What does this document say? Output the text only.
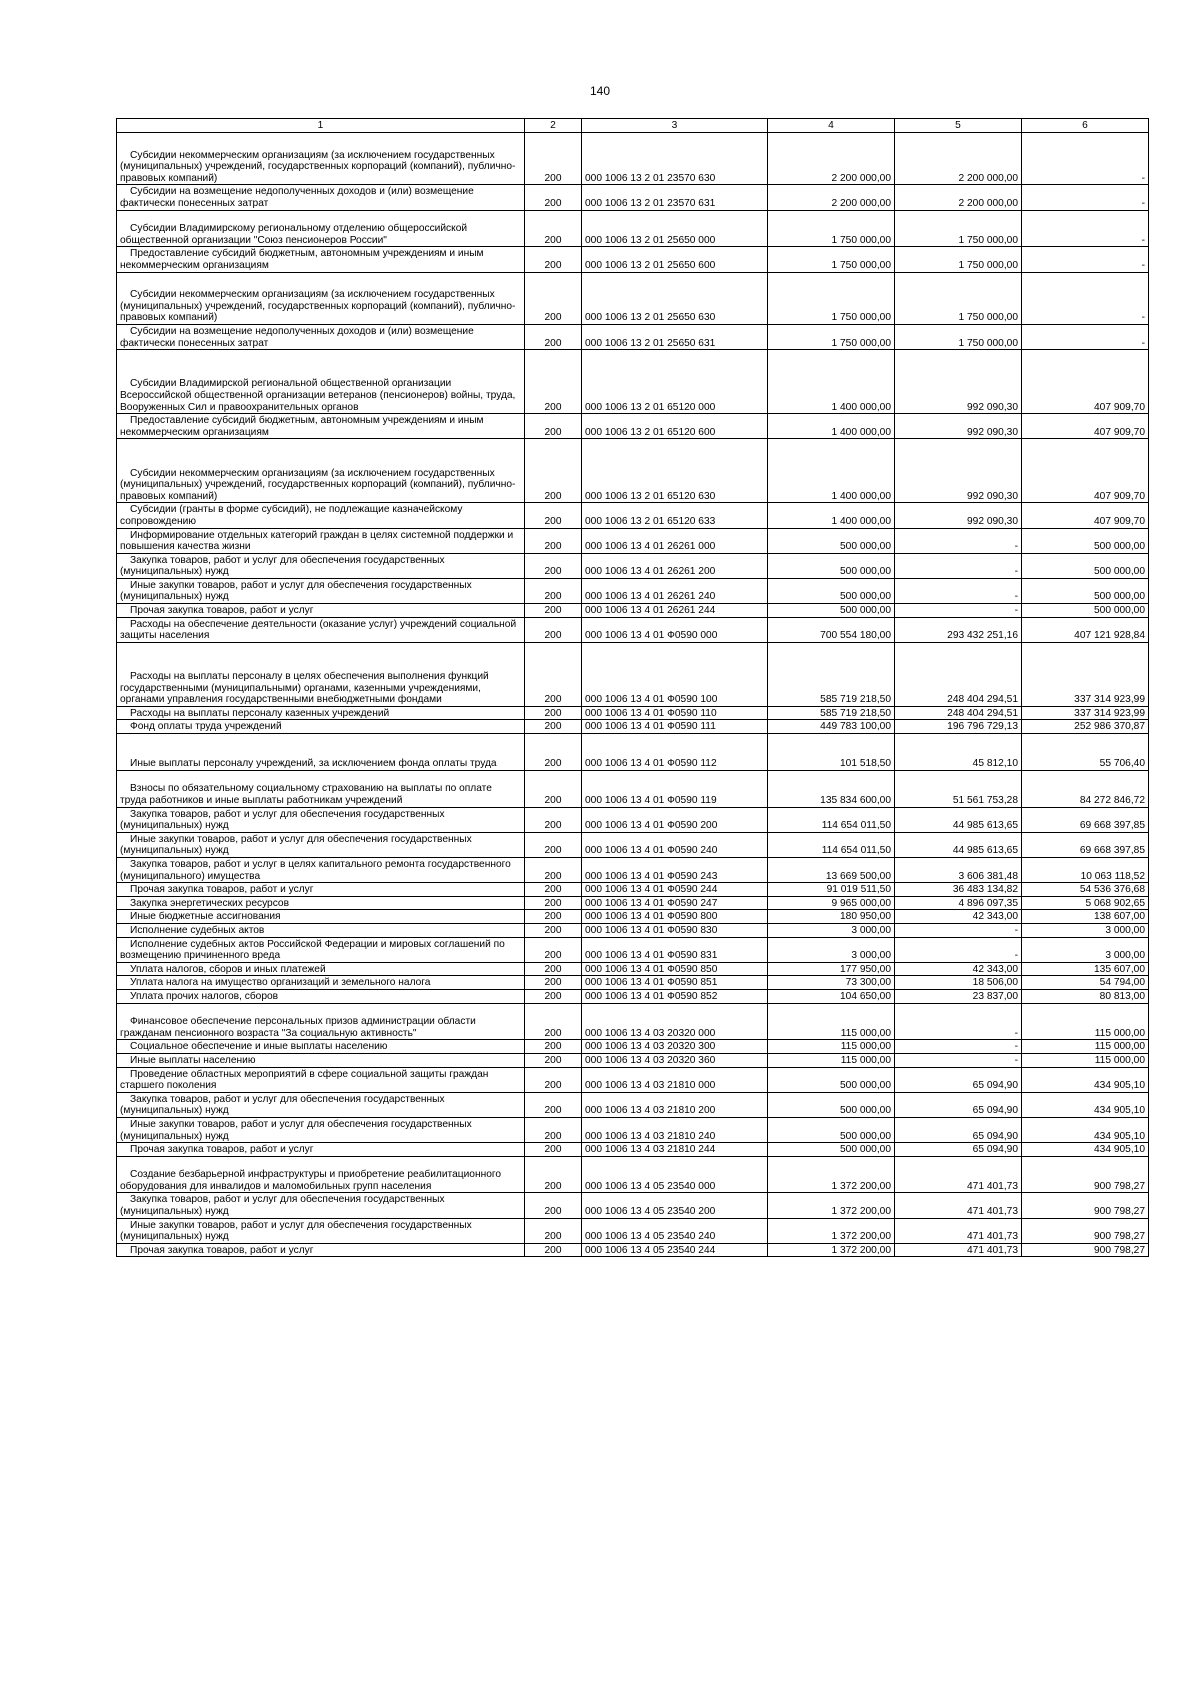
140
1	2	3	4	5	6

Субсидии некоммерческим организациям (за исключением государственных (муниципальных) учреждений, государственных корпораций (компаний), публично-правовых компаний)	200	000 1006 13 2 01 23570 630	2 200 000,00	2 200 000,00	-

Субсидии на возмещение недополученных доходов и (или) возмещение фактически понесенных затрат	200	000 1006 13 2 01 23570 631	2 200 000,00	2 200 000,00	-

Субсидии Владимирскому региональному отделению общероссийской общественной организации "Союз пенсионеров России"	200	000 1006 13 2 01 25650 000	1 750 000,00	1 750 000,00	-

Предоставление субсидий бюджетным, автономным учреждениям и иным некоммерческим организациям	200	000 1006 13 2 01 25650 600	1 750 000,00	1 750 000,00	-

Субсидии некоммерческим организациям (за исключением государственных (муниципальных) учреждений, государственных корпораций (компаний), публично-правовых компаний)	200	000 1006 13 2 01 25650 630	1 750 000,00	1 750 000,00	-

Субсидии на возмещение недополученных доходов и (или) возмещение фактически понесенных затрат	200	000 1006 13 2 01 25650 631	1 750 000,00	1 750 000,00	-

Субсидии Владимирской региональной общественной организации Всероссийской общественной организации ветеранов (пенсионеров) войны, труда, Вооруженных Сил и правоохранительных органов	200	000 1006 13 2 01 65120 000	1 400 000,00	992 090,30	407 909,70

Предоставление субсидий бюджетным, автономным учреждениям и иным некоммерческим организациям	200	000 1006 13 2 01 65120 600	1 400 000,00	992 090,30	407 909,70

Субсидии некоммерческим организациям (за исключением государственных (муниципальных) учреждений, государственных корпораций (компаний), публично-правовых компаний)	200	000 1006 13 2 01 65120 630	1 400 000,00	992 090,30	407 909,70

Субсидии (гранты в форме субсидий), не подлежащие казначейскому сопровождению	200	000 1006 13 2 01 65120 633	1 400 000,00	992 090,30	407 909,70

Информирование отдельных категорий граждан в целях системной поддержки и повышения качества жизни	200	000 1006 13 4 01 26261 000	500 000,00	-	500 000,00

Закупка товаров, работ и услуг для обеспечения государственных (муниципальных) нужд	200	000 1006 13 4 01 26261 200	500 000,00	-	500 000,00

Иные закупки товаров, работ и услуг для обеспечения государственных (муниципальных) нужд	200	000 1006 13 4 01 26261 240	500 000,00	-	500 000,00

Прочая закупка товаров, работ и услуг	200	000 1006 13 4 01 26261 244	500 000,00	-	500 000,00

Расходы на обеспечение деятельности (оказание услуг) учреждений социальной защиты населения	200	000 1006 13 4 01 Ф0590 000	700 554 180,00	293 432 251,16	407 121 928,84

Расходы на выплаты персоналу в целях обеспечения выполнения функций государственными (муниципальными) органами, казенными учреждениями, органами управления государственными внебюджетными фондами	200	000 1006 13 4 01 Ф0590 100	585 719 218,50	248 404 294,51	337 314 923,99

Расходы на выплаты персоналу казенных учреждений	200	000 1006 13 4 01 Ф0590 110	585 719 218,50	248 404 294,51	337 314 923,99

Фонд оплаты труда учреждений	200	000 1006 13 4 01 Ф0590 111	449 783 100,00	196 796 729,13	252 986 370,87

Иные выплаты персоналу учреждений, за исключением фонда оплаты труда	200	000 1006 13 4 01 Ф0590 112	101 518,50	45 812,10	55 706,40

Взносы по обязательному социальному страхованию на выплаты по оплате труда работников и иные выплаты работникам учреждений	200	000 1006 13 4 01 Ф0590 119	135 834 600,00	51 561 753,28	84 272 846,72

Закупка товаров, работ и услуг для обеспечения государственных (муниципальных) нужд	200	000 1006 13 4 01 Ф0590 200	114 654 011,50	44 985 613,65	69 668 397,85

Иные закупки товаров, работ и услуг для обеспечения государственных (муниципальных) нужд	200	000 1006 13 4 01 Ф0590 240	114 654 011,50	44 985 613,65	69 668 397,85

Закупка товаров, работ и услуг в целях капитального ремонта государственного (муниципального) имущества	200	000 1006 13 4 01 Ф0590 243	13 669 500,00	3 606 381,48	10 063 118,52

Прочая закупка товаров, работ и услуг	200	000 1006 13 4 01 Ф0590 244	91 019 511,50	36 483 134,82	54 536 376,68

Закупка энергетических ресурсов	200	000 1006 13 4 01 Ф0590 247	9 965 000,00	4 896 097,35	5 068 902,65

Иные бюджетные ассигнования	200	000 1006 13 4 01 Ф0590 800	180 950,00	42 343,00	138 607,00

Исполнение судебных актов	200	000 1006 13 4 01 Ф0590 830	3 000,00	-	3 000,00

Исполнение судебных актов Российской Федерации и мировых соглашений по возмещению причиненного вреда	200	000 1006 13 4 01 Ф0590 831	3 000,00	-	3 000,00

Уплата налогов, сборов и иных платежей	200	000 1006 13 4 01 Ф0590 850	177 950,00	42 343,00	135 607,00

Уплата налога на имущество организаций и земельного налога	200	000 1006 13 4 01 Ф0590 851	73 300,00	18 506,00	54 794,00

Уплата прочих налогов, сборов	200	000 1006 13 4 01 Ф0590 852	104 650,00	23 837,00	80 813,00

Финансовое обеспечение персональных призов администрации области гражданам пенсионного возраста "За социальную активность"	200	000 1006 13 4 03 20320 000	115 000,00	-	115 000,00

Социальное обеспечение и иные выплаты населению	200	000 1006 13 4 03 20320 300	115 000,00	-	115 000,00

Иные выплаты населению	200	000 1006 13 4 03 20320 360	115 000,00	-	115 000,00

Проведение областных мероприятий в сфере социальной защиты граждан старшего поколения	200	000 1006 13 4 03 21810 000	500 000,00	65 094,90	434 905,10

Закупка товаров, работ и услуг для обеспечения государственных (муниципальных) нужд	200	000 1006 13 4 03 21810 200	500 000,00	65 094,90	434 905,10

Иные закупки товаров, работ и услуг для обеспечения государственных (муниципальных) нужд	200	000 1006 13 4 03 21810 240	500 000,00	65 094,90	434 905,10

Прочая закупка товаров, работ и услуг	200	000 1006 13 4 03 21810 244	500 000,00	65 094,90	434 905,10

Создание безбарьерной инфраструктуры и приобретение реабилитационного оборудования для инвалидов и маломобильных групп населения	200	000 1006 13 4 05 23540 000	1 372 200,00	471 401,73	900 798,27

Закупка товаров, работ и услуг для обеспечения государственных (муниципальных) нужд	200	000 1006 13 4 05 23540 200	1 372 200,00	471 401,73	900 798,27

Иные закупки товаров, работ и услуг для обеспечения государственных (муниципальных) нужд	200	000 1006 13 4 05 23540 240	1 372 200,00	471 401,73	900 798,27

Прочая закупка товаров, работ и услуг	200	000 1006 13 4 05 23540 244	1 372 200,00	471 401,73	900 798,27
